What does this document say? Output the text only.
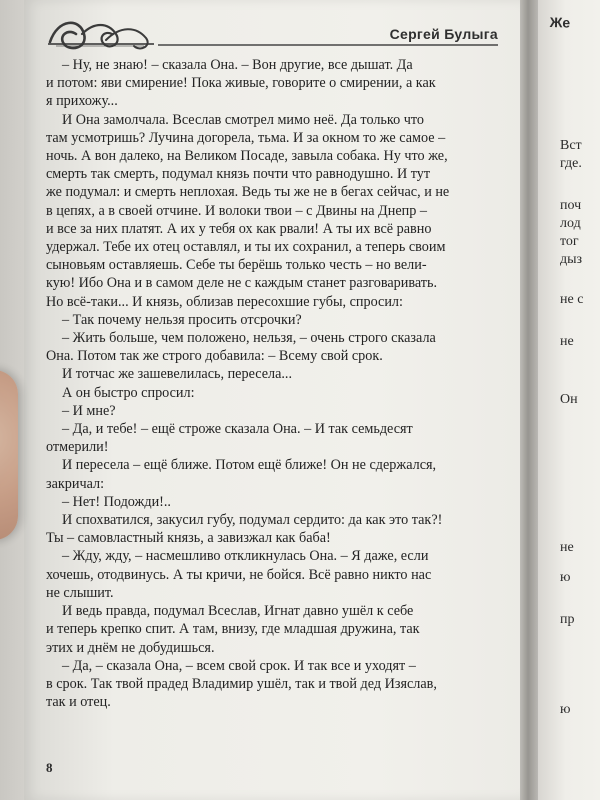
Сергей Булыга
– Ну, не знаю! – сказала Она. – Вон другие, все дышат. Да
и потом: яви смирение! Пока живые, говорите о смирении, а как
я прихожу...
И Она замолчала. Всеслав смотрел мимо неё. Да только что
там усмотришь? Лучина догорела, тьма. И за окном то же самое –
ночь. А вон далеко, на Великом Посаде, завыла собака. Ну что же,
смерть так смерть, подумал князь почти что равнодушно. И тут
же подумал: и смерть неплохая. Ведь ты же не в бегах сейчас, и не
в цепях, а в своей отчине. И волоки твои – с Двины на Днепр –
и все за них платят. А их у тебя ох как рвали! А ты их всё равно
удержал. Тебе их отец оставлял, и ты их сохранил, а теперь своим
сыновьям оставляешь. Себе ты берёшь только честь – но вели-
кую! Ибо Она и в самом деле не с каждым станет разговаривать.
Но всё-таки... И князь, облизав пересохшие губы, спросил:
– Так почему нельзя просить отсрочки?
– Жить больше, чем положено, нельзя, – очень строго сказала
Она. Потом так же строго добавила: – Всему свой срок.
И тотчас же зашевелилась, пересела...
А он быстро спросил:
– И мне?
– Да, и тебе! – ещё строже сказала Она. – И так семьдесят
отмерили!
И пересела – ещё ближе. Потом ещё ближе! Он не сдержался,
закричал:
– Нет! Подожди!..
И спохватился, закусил губу, подумал сердито: да как это так?!
Ты – самовластный князь, а завизжал как баба!
– Жду, жду, – насмешливо откликнулась Она. – Я даже, если
хочешь, отодвинусь. А ты кричи, не бойся. Всё равно никто нас
не слышит.
И ведь правда, подумал Всеслав, Игнат давно ушёл к себе
и теперь крепко спит. А там, внизу, где младшая дружина, так
этих и днём не добудишься.
– Да, – сказала Она, – всем свой срок. И так все и уходят –
в срок. Так твой прадед Владимир ушёл, так и твой дед Изяслав,
так и отец.
8
Же
Вст
где.
поч
лод
тог
дыз
не с
не
Он
не
ю
пр
ю
